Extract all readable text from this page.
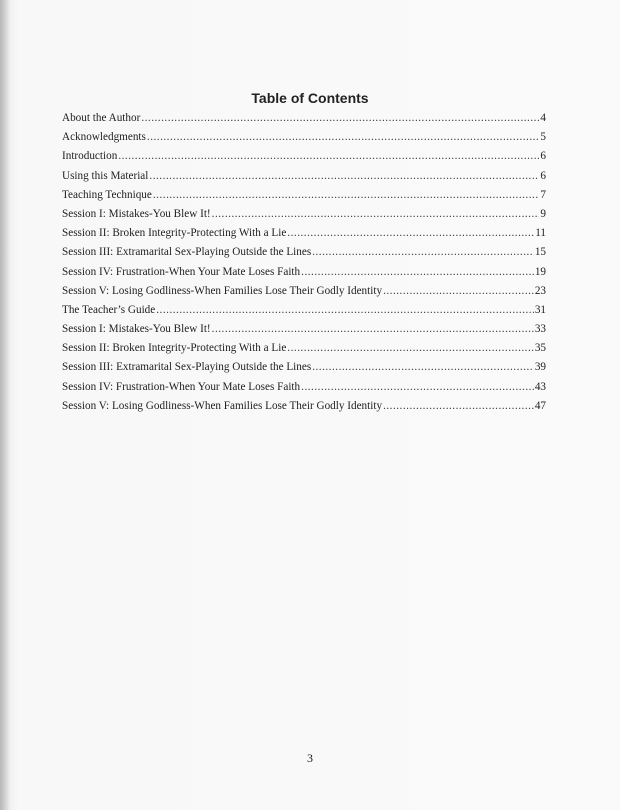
Table of Contents
About the Author .....	4
Acknowledgments .....	5
Introduction .....	6
Using this Material .....	6
Teaching Technique .....	7
Session I: Mistakes-You Blew It! .....	9
Session II: Broken Integrity-Protecting With a Lie .....	11
Session III: Extramarital Sex-Playing Outside the Lines .....	15
Session IV: Frustration-When Your Mate Loses Faith .....	19
Session V: Losing Godliness-When Families Lose Their Godly Identity .....	23
The Teacher’s Guide .....	31
Session I: Mistakes-You Blew It! .....	33
Session II: Broken Integrity-Protecting With a Lie .....	35
Session III: Extramarital Sex-Playing Outside the Lines .....	39
Session IV: Frustration-When Your Mate Loses Faith .....	43
Session V: Losing Godliness-When Families Lose Their Godly Identity .....	47
3
